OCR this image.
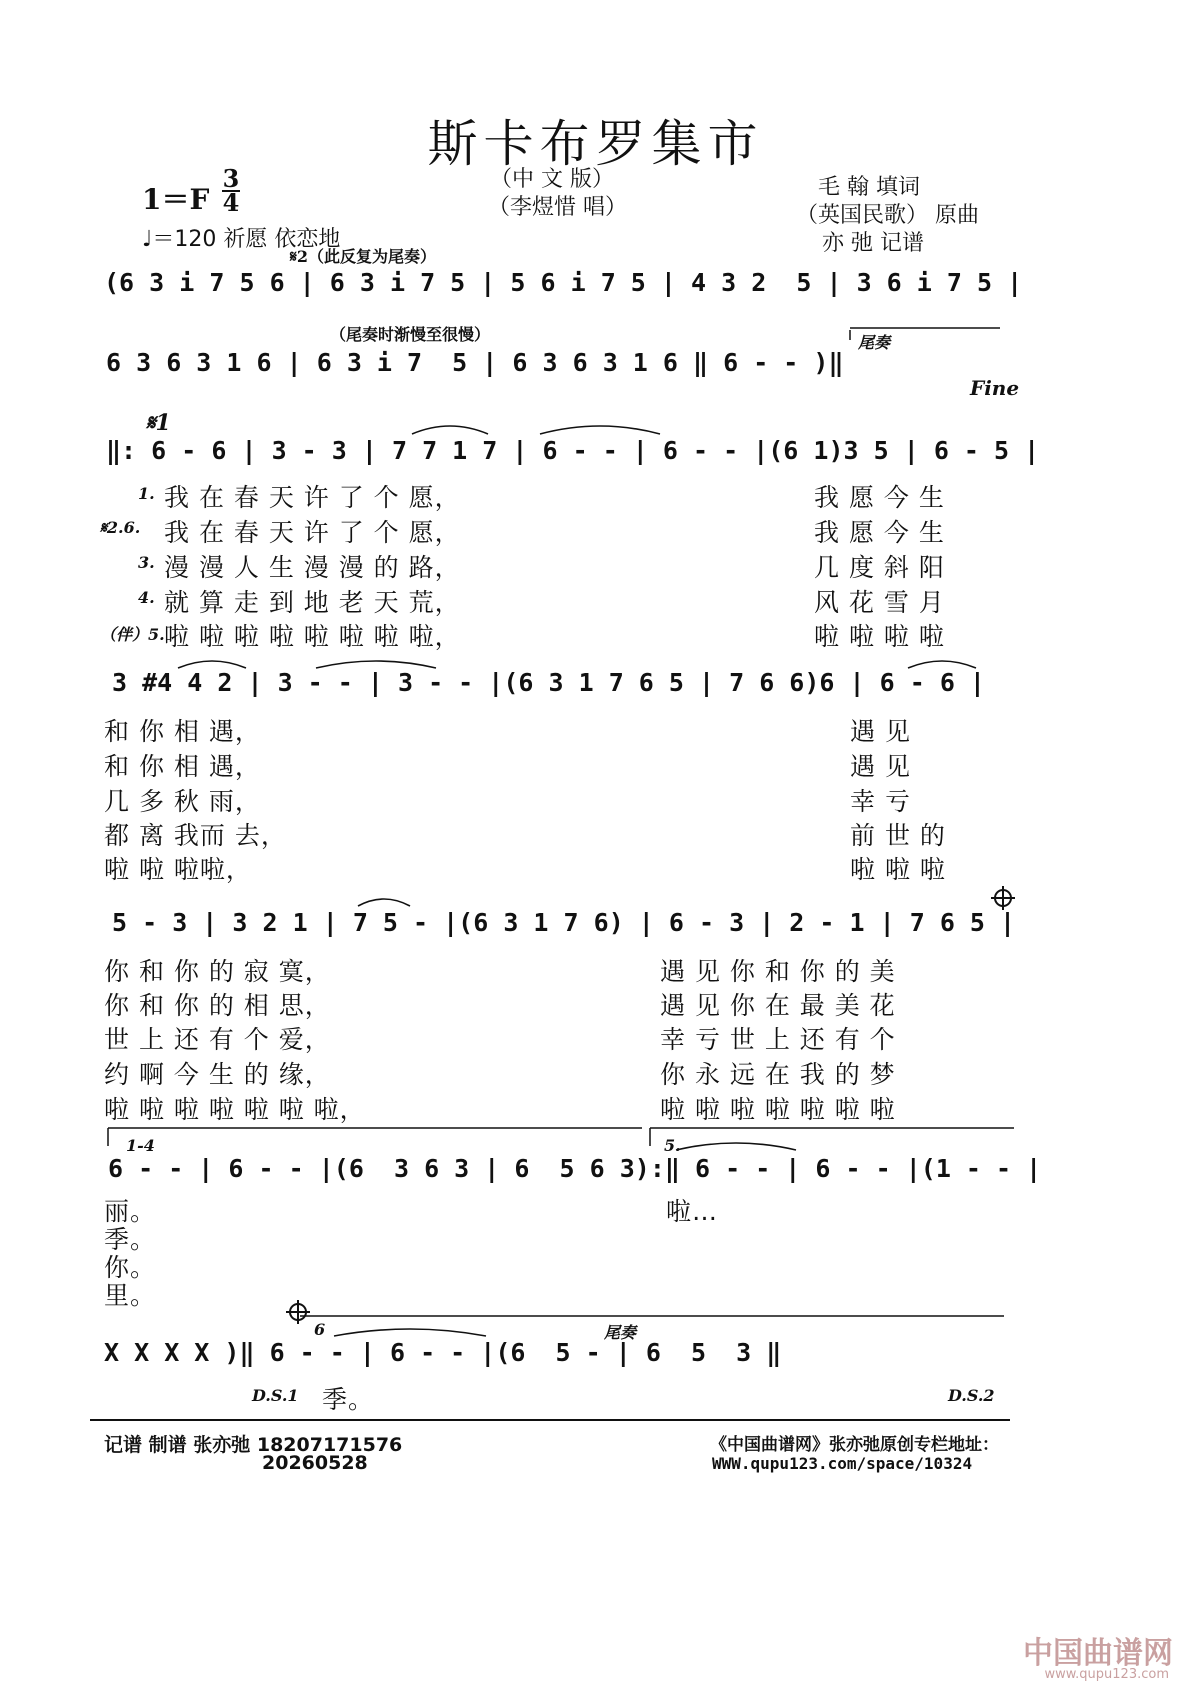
斯卡布罗集市
（中 文 版）
（李煜惜 唱）
1＝F
3
4
♩＝120 祈愿 依恋地
毛 翰 填词
（英国民歌） 原曲
亦 弛 记谱
𝄋2（此反复为尾奏）
(6 3 i 7 5 6 | 6 3 i 7 5 | 5 6 i 7 5 | 4 3 2  5 | 3 6 i 7 5 |
（尾奏时渐慢至很慢）	尾奏
6 3 6 3 1 6 | 6 3 i 7  5 | 6 3 6 3 1 6 ‖ 6 - - )‖
Fine
𝄋1
‖: 6 - 6 | 3 - 3 | 7 7 1 7 | 6 - - | 6 - - |(6 1)3 5 | 6 - 5 |
1.
𝄋2.6.
3.
4.
（伴）5.
我 在 春 天 许 了 个 愿，
我 在 春 天 许 了 个 愿，
漫 漫 人 生 漫 漫 的 路，
就 算 走 到 地 老 天 荒，
啦 啦 啦 啦 啦 啦 啦 啦，
我 愿 今 生
我 愿 今 生
几 度 斜 阳
风 花 雪 月
啦 啦 啦 啦
3 #4 4 2 | 3 - - | 3 - - |(6 3 1 7 6 5 | 7 6 6)6 | 6 - 6 |
和 你 相 遇，
和 你 相 遇，
几 多 秋 雨，
都 离 我而 去，
啦 啦 啦啦，
遇 见
遇 见
幸 亏
前 世 的
啦 啦 啦
5 - 3 | 3 2 1 | 7 5 - |(6 3 1 7 6) | 6 - 3 | 2 - 1 | 7 6 5 |
你 和 你 的 寂 寞，
你 和 你 的 相 思，
世 上 还 有 个 爱，
约 啊 今 生 的 缘，
啦 啦 啦 啦 啦 啦 啦，
遇 见 你 和 你 的 美
遇 见 你 在 最 美 花
幸 亏 世 上 还 有 个
你 永 远 在 我 的 梦
啦 啦 啦 啦 啦 啦 啦
1-4	5.
6 - - | 6 - - |(6  3 6 3 | 6  5 6 3):‖ 6 - - | 6 - - |(1 - - |
丽。
季。
你。
里。
啦…
6	尾奏
X X X X )‖ 6 - - | 6 - - |(6  5 - | 6  5  3 ‖
D.S.1 季。	D.S.2
记谱 制谱 张亦弛 18207171576
20260528
《中国曲谱网》张亦弛原创专栏地址：
WWW.qupu123.com/space/10324
中国曲谱网
www.qupu123.com
